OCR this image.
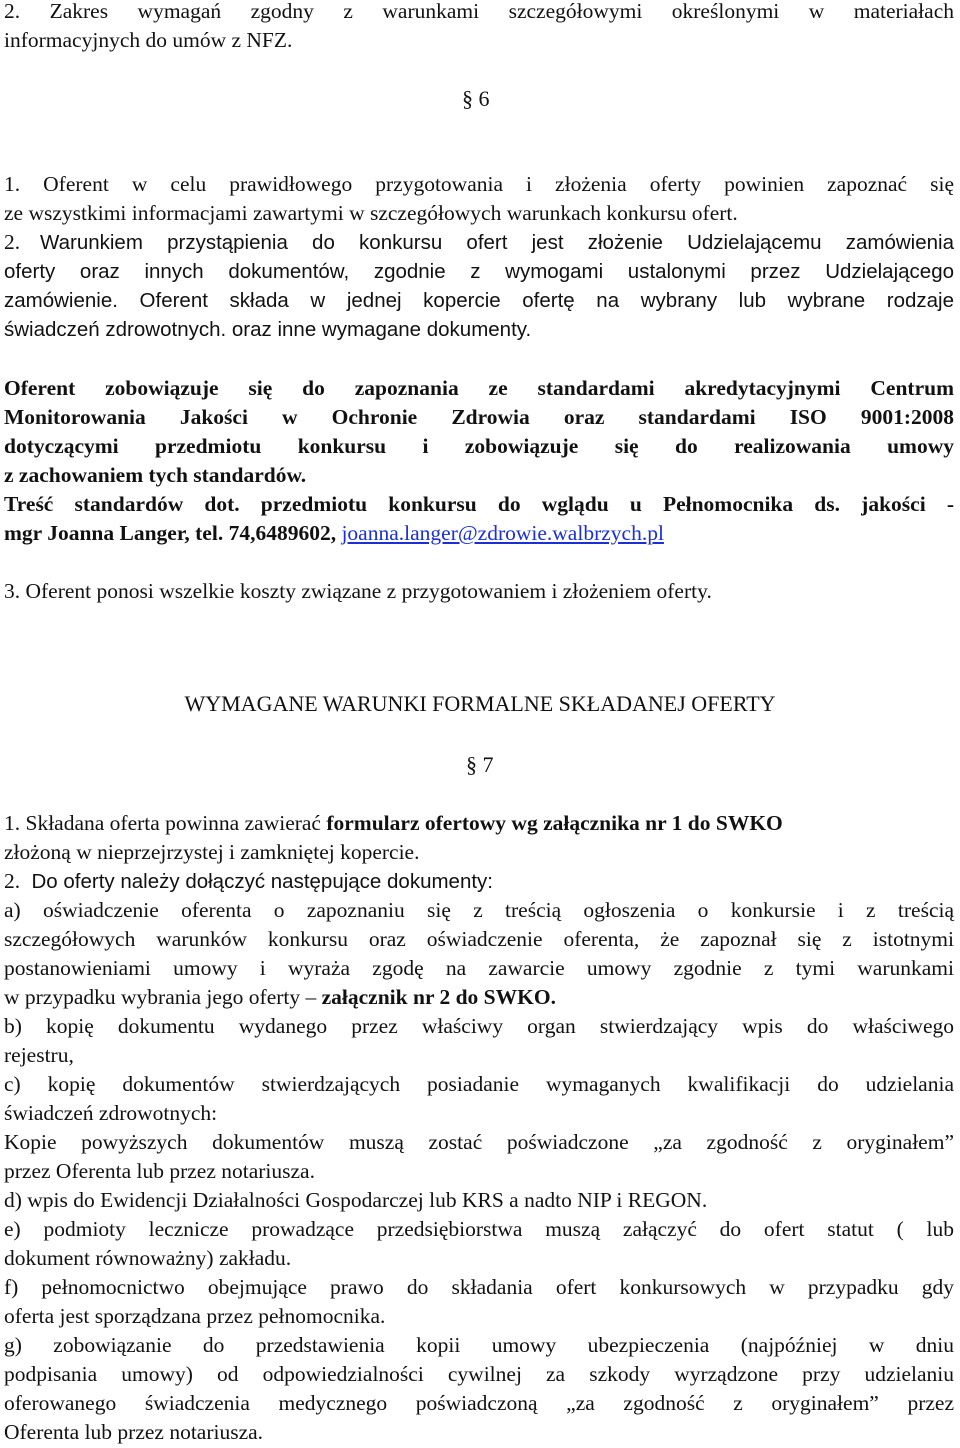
2. Zakres wymagań zgodny z warunkami szczegółowymi określonymi w materiałach
informacyjnych do umów z NFZ.
§ 6
1. Oferent w celu prawidłowego przygotowania i złożenia oferty powinien zapoznać się
ze wszystkimi informacjami zawartymi w szczegółowych warunkach konkursu ofert.
2. Warunkiem przystąpienia do konkursu ofert jest złożenie Udzielającemu zamówienia
oferty oraz innych dokumentów, zgodnie z wymogami ustalonymi przez Udzielającego
zamówienie. Oferent składa w jednej kopercie ofertę na wybrany lub wybrane rodzaje
świadczeń zdrowotnych. oraz inne wymagane dokumenty.
Oferent zobowiązuje się do zapoznania ze standardami akredytacyjnymi Centrum
Monitorowania Jakości w Ochronie Zdrowia oraz standardami ISO 9001:2008
dotyczącymi przedmiotu konkursu i zobowiązuje się do realizowania umowy
z zachowaniem tych standardów.
Treść standardów dot. przedmiotu konkursu do wglądu u Pełnomocnika ds. jakości -
mgr Joanna Langer, tel. 74,6489602, joanna.langer@zdrowie.walbrzych.pl
3. Oferent ponosi wszelkie koszty związane z przygotowaniem i złożeniem oferty.
WYMAGANE WARUNKI FORMALNE SKŁADANEJ OFERTY
§ 7
1. Składana oferta powinna zawierać formularz ofertowy wg załącznika nr 1 do SWKO
złożoną w nieprzejrzystej i zamkniętej kopercie.
2. Do oferty należy dołączyć następujące dokumenty:
a) oświadczenie oferenta o zapoznaniu się z treścią ogłoszenia o konkursie i z treścią
szczegółowych warunków konkursu oraz oświadczenie oferenta, że zapoznał się z istotnymi
postanowieniami umowy i wyraża zgodę na zawarcie umowy zgodnie z tymi warunkami
w przypadku wybrania jego oferty – załącznik nr 2 do SWKO.
b) kopię dokumentu wydanego przez właściwy organ stwierdzający wpis do właściwego
rejestru,
c) kopię dokumentów stwierdzających posiadanie wymaganych kwalifikacji do udzielania
świadczeń zdrowotnych:
Kopie powyższych dokumentów muszą zostać poświadczone „za zgodność z oryginałem”
przez Oferenta lub przez notariusza.
d) wpis do Ewidencji Działalności Gospodarczej lub KRS a nadto NIP i REGON.
e) podmioty lecznicze prowadzące przedsiębiorstwa muszą załączyć do ofert statut ( lub
dokument równoważny) zakładu.
f) pełnomocnictwo obejmujące prawo do składania ofert konkursowych w przypadku gdy
oferta jest sporządzana przez pełnomocnika.
g) zobowiązanie do przedstawienia kopii umowy ubezpieczenia (najpóźniej w dniu
podpisania umowy) od odpowiedzialności cywilnej za szkody wyrządzone przy udzielaniu
oferowanego świadczenia medycznego poświadczoną „za zgodność z oryginałem” przez
Oferenta lub przez notariusza.
